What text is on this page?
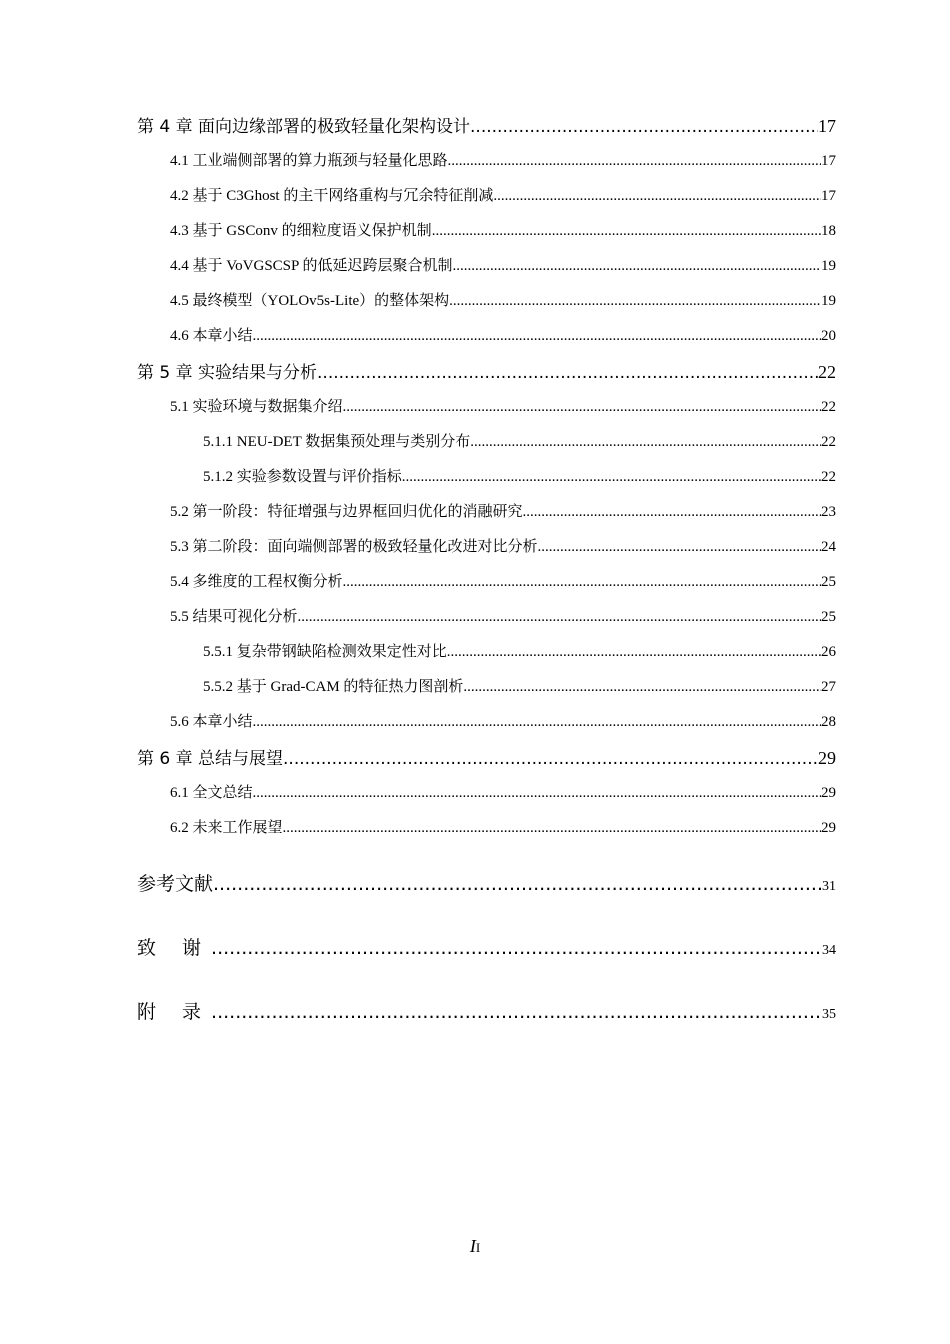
第 4 章 面向边缘部署的极致轻量化架构设计 .....	17
4.1 工业端侧部署的算力瓶颈与轻量化思路 .....	17
4.2 基于 C3Ghost 的主干网络重构与冗余特征削减 .....	17
4.3 基于 GSConv 的细粒度语义保护机制 .....	18
4.4 基于 VoVGSCSP 的低延迟跨层聚合机制 .....	19
4.5 最终模型（YOLOv5s-Lite）的整体架构 .....	19
4.6 本章小结 .....	20
第 5 章 实验结果与分析 .....	22
5.1 实验环境与数据集介绍 .....	22
5.1.1 NEU-DET 数据集预处理与类别分布 .....	22
5.1.2 实验参数设置与评价指标 .....	22
5.2 第一阶段：特征增强与边界框回归优化的消融研究 .....	23
5.3 第二阶段：面向端侧部署的极致轻量化改进对比分析 .....	24
5.4 多维度的工程权衡分析 .....	25
5.5 结果可视化分析 .....	25
5.5.1 复杂带钢缺陷检测效果定性对比 .....	26
5.5.2 基于 Grad-CAM 的特征热力图剖析 .....	27
5.6 本章小结 .....	28
第 6 章 总结与展望 .....	29
6.1 全文总结 .....	29
6.2 未来工作展望 .....	29
参考文献 .....	31
致 谢 .....	34
附 录 .....	35
II
